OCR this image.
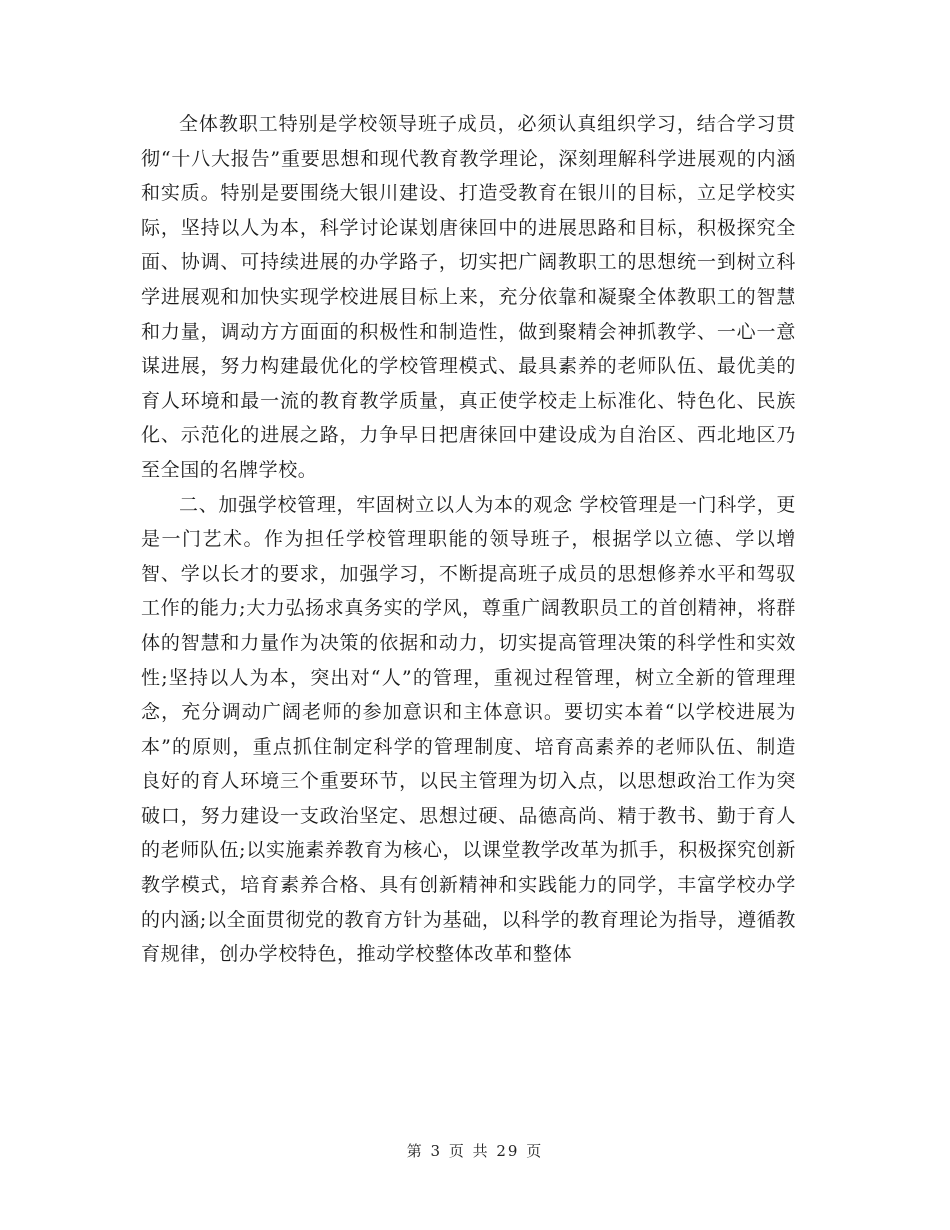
全体教职工特别是学校领导班子成员，必须认真组织学习，结合学习贯彻“十八大报告”重要思想和现代教育教学理论，深刻理解科学进展观的内涵和实质。特别是要围绕大银川建设、打造受教育在银川的目标，立足学校实际，坚持以人为本，科学讨论谋划唐徕回中的进展思路和目标，积极探究全面、协调、可持续进展的办学路子，切实把广阔教职工的思想统一到树立科学进展观和加快实现学校进展目标上来，充分依靠和凝聚全体教职工的智慧和力量，调动方方面面的积极性和制造性，做到聚精会神抓教学、一心一意谋进展，努力构建最优化的学校管理模式、最具素养的老师队伍、最优美的育人环境和最一流的教育教学质量，真正使学校走上标准化、特色化、民族化、示范化的进展之路，力争早日把唐徕回中建设成为自治区、西北地区乃至全国的名牌学校。

二、加强学校管理，牢固树立以人为本的观念 学校管理是一门科学，更是一门艺术。作为担任学校管理职能的领导班子，根据学以立德、学以增智、学以长才的要求，加强学习，不断提高班子成员的思想修养水平和驾驭工作的能力;大力弘扬求真务实的学风，尊重广阔教职员工的首创精神，将群体的智慧和力量作为决策的依据和动力，切实提高管理决策的科学性和实效性;坚持以人为本，突出对“人”的管理，重视过程管理，树立全新的管理理念，充分调动广阔老师的参加意识和主体意识。要切实本着“以学校进展为本”的原则，重点抓住制定科学的管理制度、培育高素养的老师队伍、制造良好的育人环境三个重要环节，以民主管理为切入点，以思想政治工作为突破口，努力建设一支政治坚定、思想过硬、品德高尚、精于教书、勤于育人的老师队伍;以实施素养教育为核心，以课堂教学改革为抓手，积极探究创新教学模式，培育素养合格、具有创新精神和实践能力的同学，丰富学校办学的内涵;以全面贯彻党的教育方针为基础，以科学的教育理论为指导，遵循教育规律，创办学校特色，推动学校整体改革和整体

第 3 页 共 29 页
